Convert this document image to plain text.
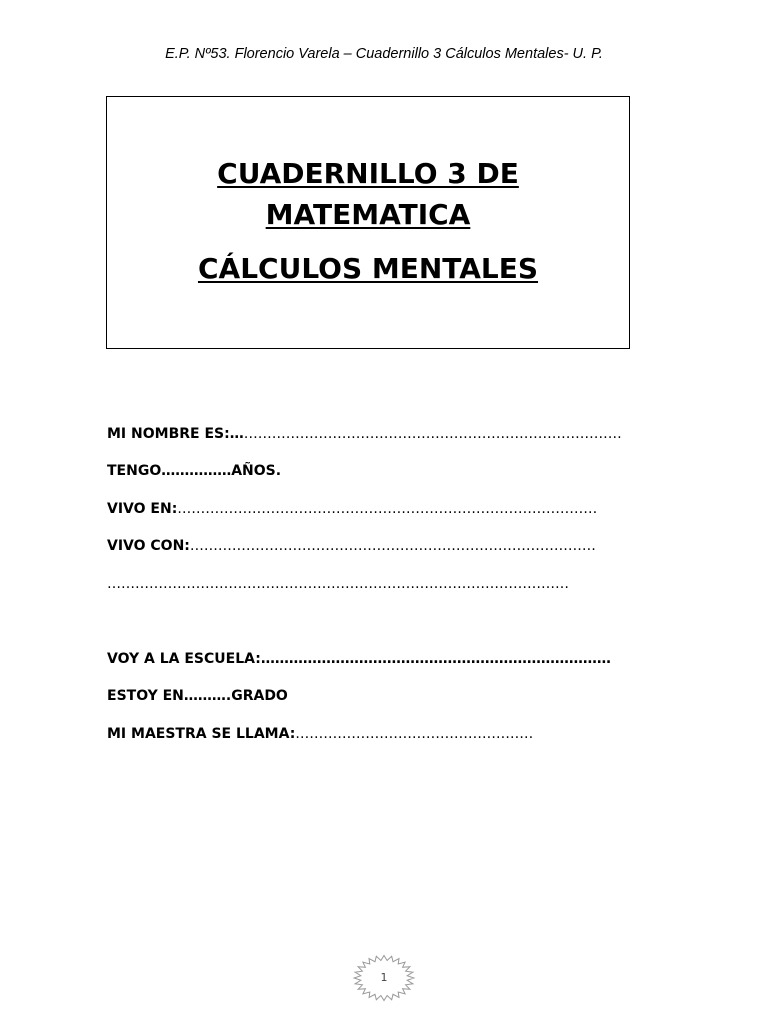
E.P. Nº53. Florencio Varela – Cuadernillo 3 Cálculos Mentales- U. P.
CUADERNILLO 3 DE
MATEMATICA
CÁLCULOS MENTALES
MI NOMBRE ES:…………………………………………………………………………
TENGO……………AÑOS.
VIVO EN:………………………………………………………………………………
VIVO CON:……………………………………………………………………………
………………………………………………………………………………………
VOY A LA ESCUELA:…………………………………………………………………
ESTOY EN……….GRADO
MI MAESTRA SE LLAMA:……………………………………………
1
